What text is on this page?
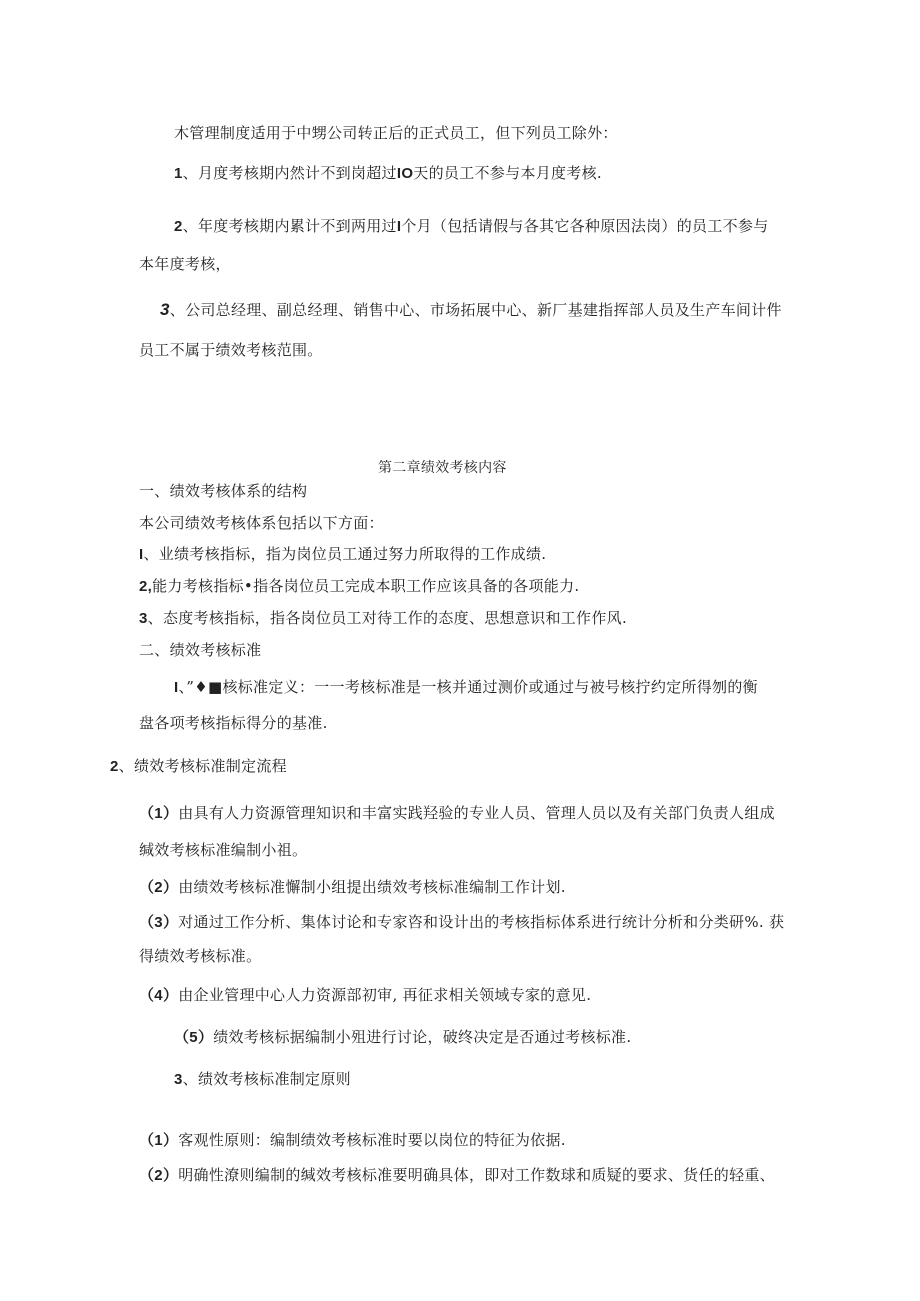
木管理制度适用于中甥公司转正后的正式员工，但下列员工除外：
1、月度考核期内然计不到岗超过IO天的员工不参与本月度考核.
2、年度考核期内累计不到两用过I个月（包括请假与各其它各种原因法岗）的员工不参与
本年度考核，
3、公司总经理、副总经理、销售中心、市场拓展中心、新厂基建指挥部人员及生产车间计件
员工不属于绩效考核范围。
第二章绩效考核内容
一、绩效考核体系的结构
本公司绩效考核体系包括以下方面：
I、业绩考核指标，指为岗位员工通过努力所取得的工作成绩.
2,能力考核指标•指各岗位员工完成本职工作应该具备的各项能力.
3、态度考核指标，指各岗位员工对待工作的态度、思想意识和工作作风.
二、绩效考核标准
I、”♦■核标准定义：一一考核标准是一核并通过测价或通过与被号核拧约定所得刎的衡
盘各项考核指标得分的基准.
2、绩效考核标准制定流程
（1）由具有人力资源管理知识和丰富实践羟验的专业人员、管理人员以及有关部门负责人组成
缄效考核标准编制小祖。
（2）由绩效考核标准懈制小组提出绩效考核标准编制工作计划.
（3）对通过工作分析、集体讨论和专家咨和设计出的考核指标体系进行统计分析和分类研%. 获
得绩效考核标准。
（4）由企业管理中心人力资源部初审, 再征求相关领域专家的意见.
（5）绩效考核标据编制小殂进行讨论，破终决定是否通过考核标准.
3、绩效考核标准制定原则
（1）客观性原则：编制绩效考核标准时要以岗位的特征为依据.
（2）明确性潦则编制的缄效考核标准要明确具体，即对工作数球和质疑的要求、货任的轻重、
